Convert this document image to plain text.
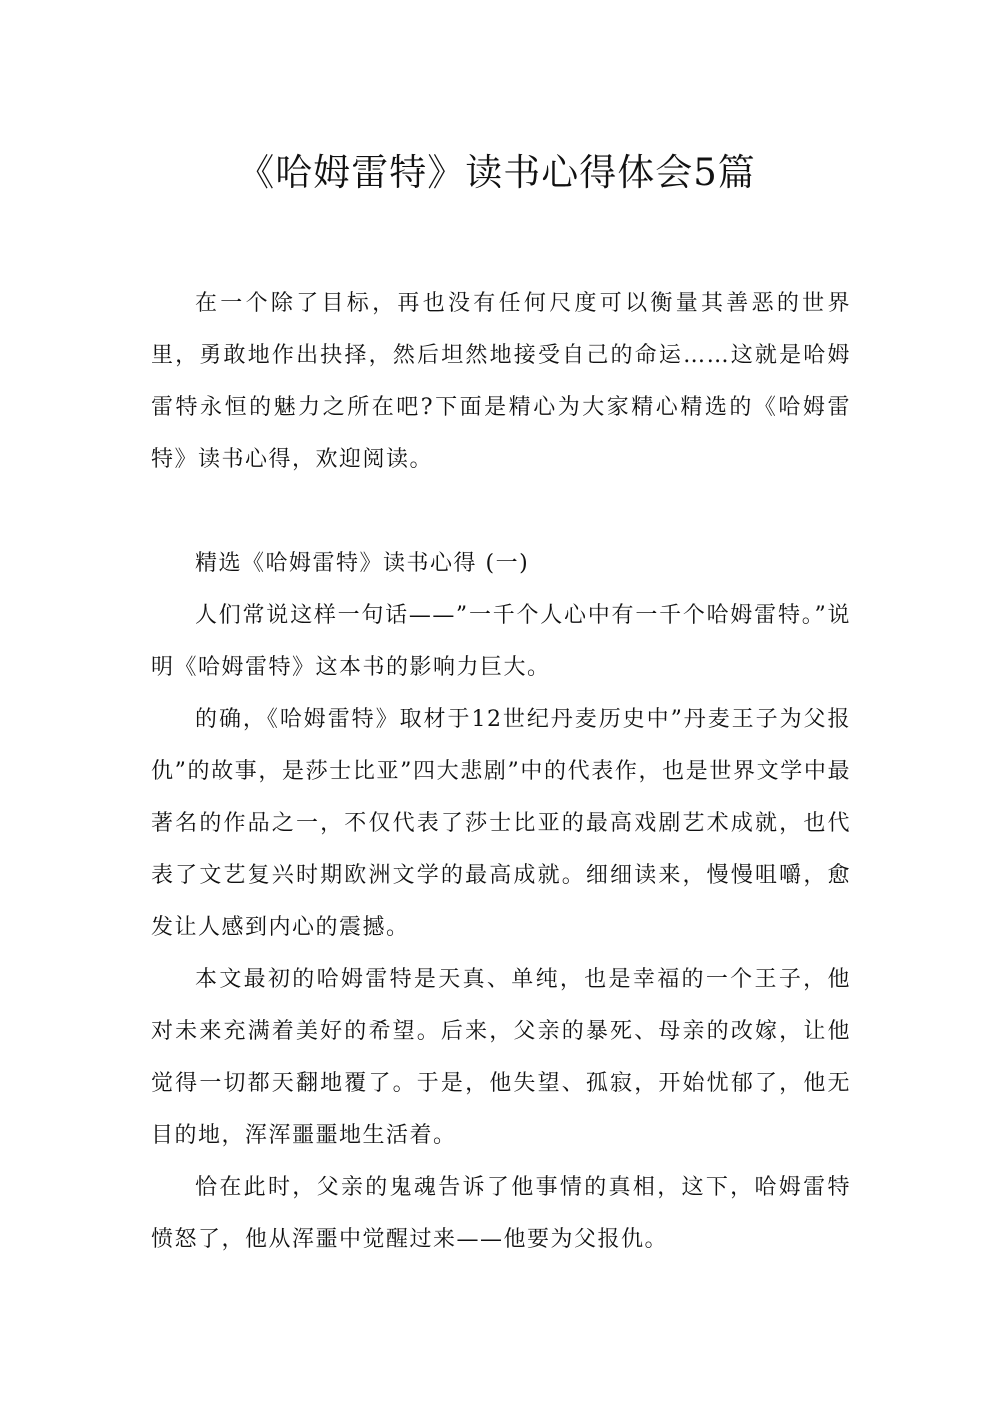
《哈姆雷特》读书心得体会5篇

在一个除了目标，再也没有任何尺度可以衡量其善恶的世界里，勇敢地作出抉择，然后坦然地接受自己的命运……这就是哈姆雷特永恒的魅力之所在吧?下面是精心为大家精心精选的《哈姆雷特》读书心得，欢迎阅读。

精选《哈姆雷特》读书心得 (一)

人们常说这样一句话——”一千个人心中有一千个哈姆雷特。”说明《哈姆雷特》这本书的影响力巨大。

的确，《哈姆雷特》取材于12世纪丹麦历史中”丹麦王子为父报仇”的故事，是莎士比亚”四大悲剧”中的代表作，也是世界文学中最著名的作品之一，不仅代表了莎士比亚的最高戏剧艺术成就，也代表了文艺复兴时期欧洲文学的最高成就。细细读来，慢慢咀嚼，愈发让人感到内心的震撼。

本文最初的哈姆雷特是天真、单纯，也是幸福的一个王子，他对未来充满着美好的希望。后来，父亲的暴死、母亲的改嫁，让他觉得一切都天翻地覆了。于是，他失望、孤寂，开始忧郁了，他无目的地，浑浑噩噩地生活着。

恰在此时，父亲的鬼魂告诉了他事情的真相，这下，哈姆雷特愤怒了，他从浑噩中觉醒过来——他要为父报仇。
